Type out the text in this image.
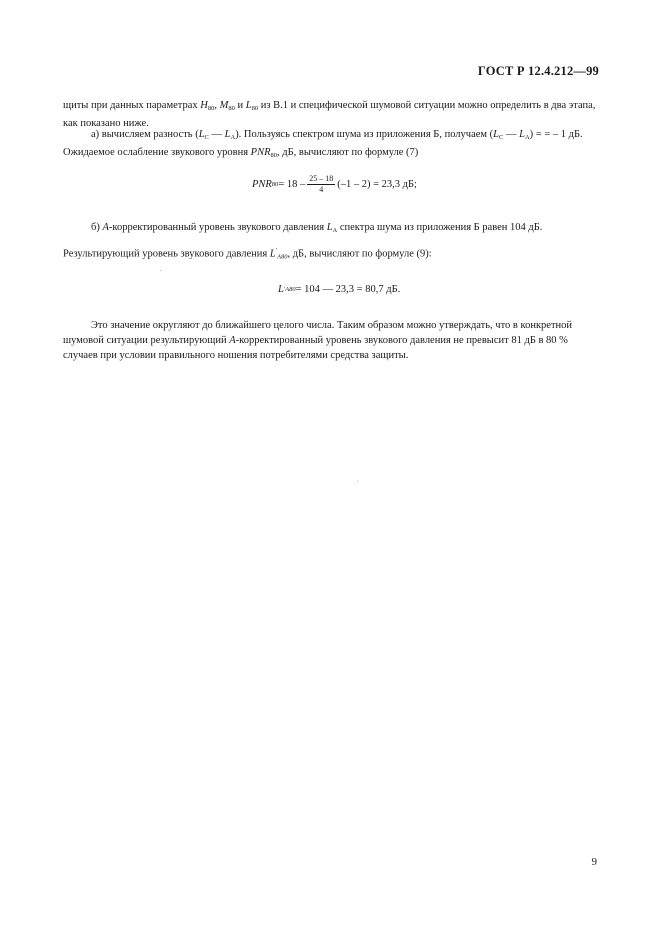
ГОСТ Р 12.4.212—99
щиты при данных параметрах $H_{80}$, $M_{80}$ и $L_{80}$ из В.1 и специфической шумовой ситуации можно определить в два этапа, как показано ниже.
а) вычисляем разность ($L_C$ — $L_A$). Пользуясь спектром шума из приложения Б, получаем ($L_C$ — $L_A$) = = – 1 дБ. Ожидаемое ослабление звукового уровня $PNR_{80}$, дБ, вычисляют по формуле (7)
PNR $80 = 18 - \frac{25 - 18}{4} (-1 - 2) = 23,3$ дБ;
б) A-корректированный уровень звукового давления $L_A$ спектра шума из приложения Б равен 104 дБ. Результирующий уровень звукового давления $L'_{A80}$, дБ, вычисляют по формуле (9):
L ′ A80 = 104 — 23,3 = 80,7 дБ.
Это значение округляют до ближайшего целого числа. Таким образом можно утверждать, что в конкретной шумовой ситуации результирующий A-корректированный уровень звукового давления не превысит 81 дБ в 80 % случаев при условии правильного ношения потребителями средства защиты.
9
